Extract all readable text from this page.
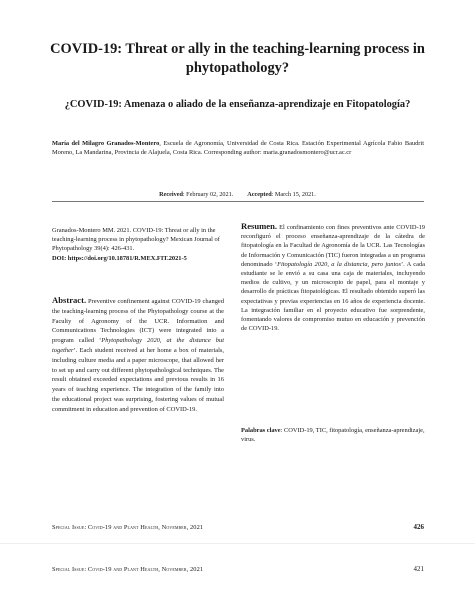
COVID-19: Threat or ally in the teaching-learning process in phytopathology?
¿COVID-19: Amenaza o aliado de la enseñanza-aprendizaje en Fitopatología?
María del Milagro Granados-Montero, Escuela de Agronomía, Universidad de Costa Rica. Estación Experimental Agrícola Fabio Baudrit Moreno, La Mandarina, Provincia de Alajuela, Costa Rica. Corresponding author: maria.granadosmontero@ucr.ac.cr
Received: February 02, 2021. Accepted: March 15, 2021.
Granados-Montero MM. 2021. COVID-19: Threat or ally in the teaching-learning process in phytopathology? Mexican Journal of Phytopathology 39(4): 426-431.
DOI: https://doi.org/10.18781/R.MEX.FIT.2021-5
Abstract. Preventive confinement against COVID-19 changed the teaching-learning process of the Phytopathology course at the Faculty of Agronomy of the UCR. Information and Communications Technologies (ICT) were integrated into a program called ‘Phytopathology 2020, at the distance but together’. Each student received at her home a box of materials, including culture media and a paper microscope, that allowed her to set up and carry out different phytopathological techniques. The result obtained exceeded expectations and previous results in 16 years of teaching experience. The integration of the family into the educational project was surprising, fostering values of mutual commitment in education and prevention of COVID-19.
Resumen. El confinamiento con fines preventivos ante COVID-19 reconfiguró el proceso enseñanza-aprendizaje de la cátedra de fitopatología en la Facultad de Agronomía de la UCR. Las Tecnologías de Información y Comunicación (TIC) fueron integradas a un programa denominado ‘Fitopatología 2020, a la distancia, pero juntos’. A cada estudiante se le envió a su casa una caja de materiales, incluyendo medios de cultivo, y un microscopio de papel, para el montaje y desarrollo de prácticas fitopatológicas. El resultado obtenido superó las expectativas y previas experiencias en 16 años de experiencia docente. La integración familiar en el proyecto educativo fue sorprendente, fomentando valores de compromiso mutuo en educación y prevención de COVID-19.
Palabras clave: COVID-19, TIC, fitopatología, enseñanza-aprendizaje, virus.
Special Issue: Covid-19 and Plant Health, November, 2021	426
Special Issue: Covid-19 and Plant Health, November, 2021	421
